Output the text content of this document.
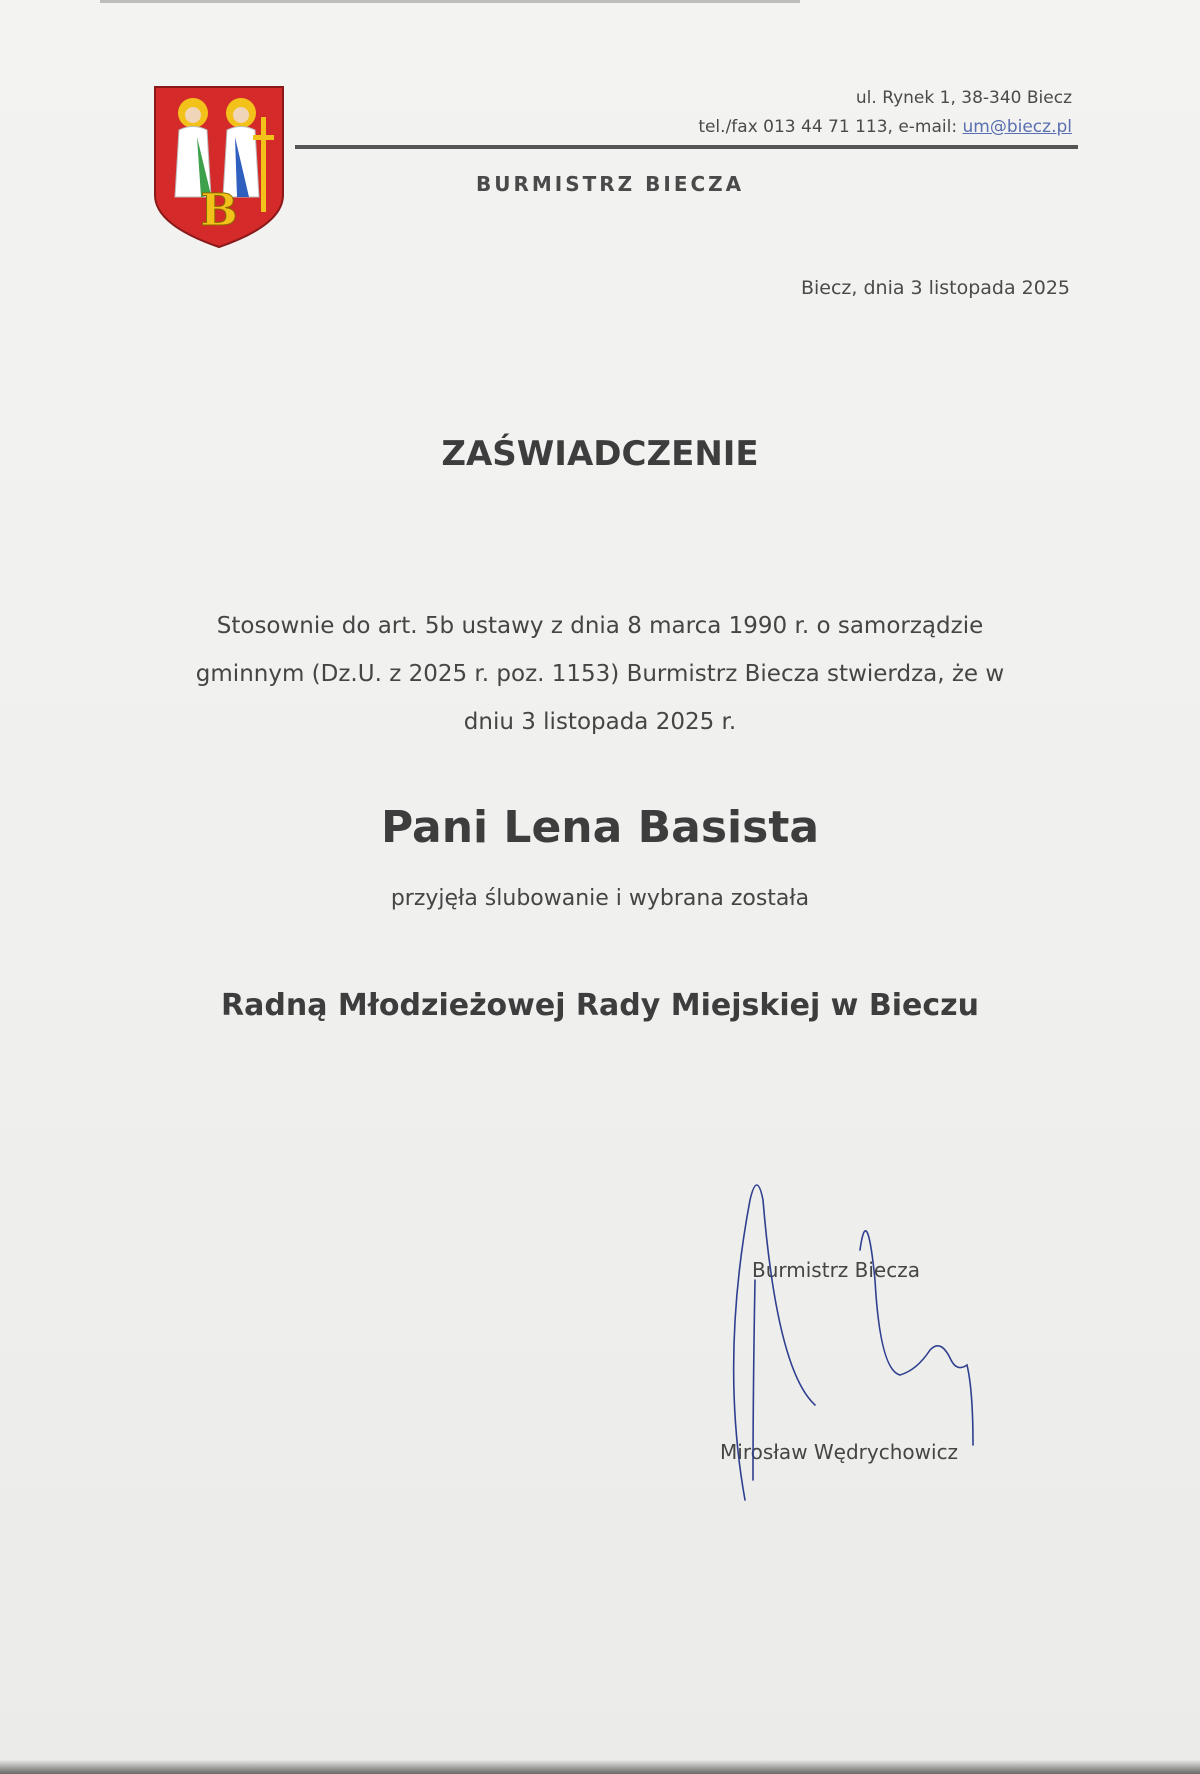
B
ul. Rynek 1, 38-340 Biecz
tel./fax 013 44 71 113, e-mail: um@biecz.pl
BURMISTRZ BIECZA
Biecz, dnia 3 listopada 2025
ZAŚWIADCZENIE
Stosownie do art. 5b ustawy z dnia 8 marca 1990 r. o samorządzie
gminnym (Dz.U. z 2025 r. poz. 1153) Burmistrz Biecza stwierdza, że w
dniu 3 listopada 2025 r.
Pani Lena Basista
przyjęła ślubowanie i wybrana została
Radną Młodzieżowej Rady Miejskiej w Bieczu
Burmistrz Biecza
Mirosław Wędrychowicz
